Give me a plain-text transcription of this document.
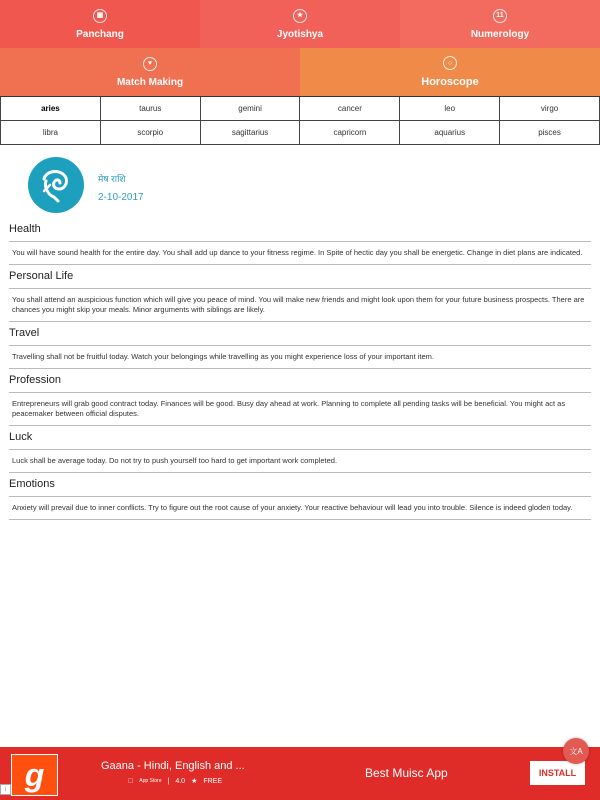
▦
Panchang
★
Jyotishya
11
Numerology
♥
Match Making
○
Horoscope
aries	taurus	gemini	cancer	leo	virgo
libra	scorpio	sagittarius	capricorn	aquarius	pisces
मेष राशि
2-10-2017
Health
You will have sound health for the entire day. You shall add up dance to your fitness regime. In Spite of hectic day you shall be energetic. Change in diet plans are indicated.
Personal Life
You shall attend an auspicious function which will give you peace of mind. You will make new friends and might look upon them for your future business prospects. There are chances you might skip your meals. Minor arguments with siblings are likely.
Travel
Travelling shall not be fruitful today. Watch your belongings while travelling as you might experience loss of your important item.
Profession
Entrepreneurs will grab good contract today. Finances will be good. Busy day ahead at work. Planning to complete all pending tasks will be beneficial. You might act as peacemaker between official disputes.
Luck
Luck shall be average today. Do not try to push yourself too hard to get important work completed.
Emotions
Anxiety will prevail due to inner conflicts. Try to figure out the root cause of your anxiety. Your reactive behaviour will lead you into trouble. Silence is indeed gloden today.
g	Gaana - Hindi, English and ...
App Store | 4.0 ★ FREE
Best Muisc App	INSTALL
i
文A
